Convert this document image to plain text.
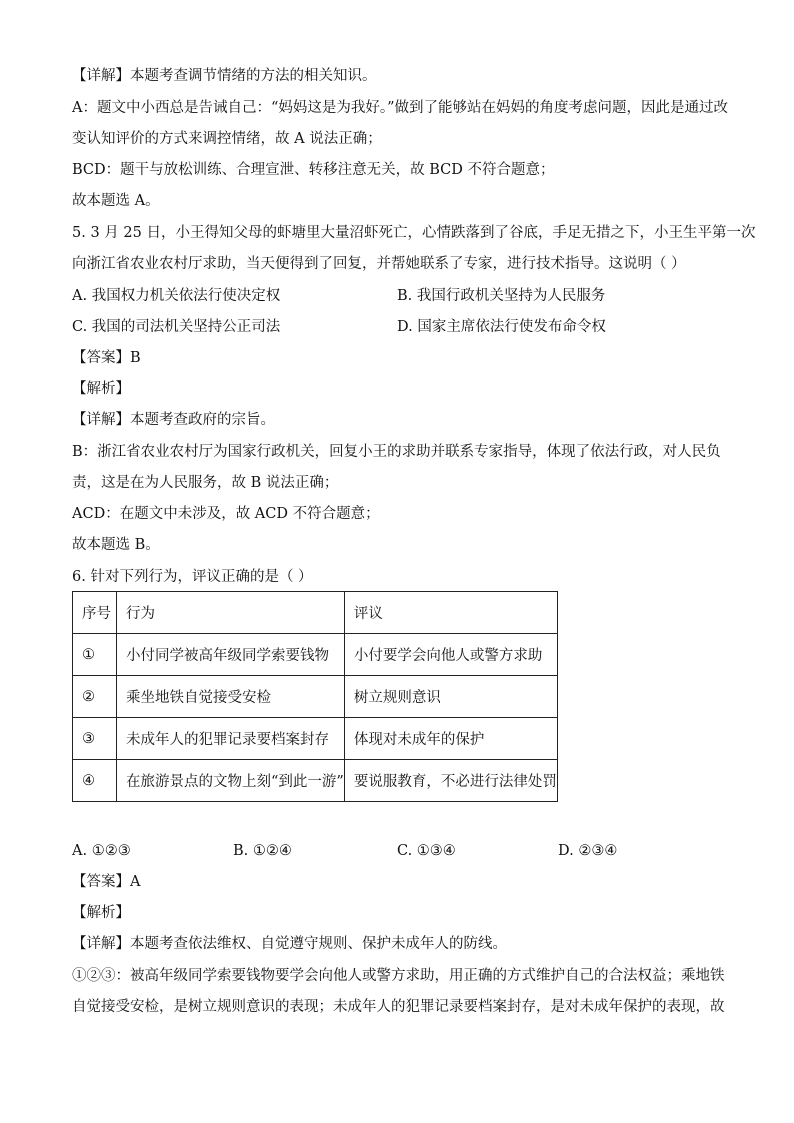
【详解】本题考查调节情绪的方法的相关知识。
A：题文中小西总是告诫自己：“妈妈这是为我好。”做到了能够站在妈妈的角度考虑问题，因此是通过改
变认知评价的方式来调控情绪，故 A 说法正确；
BCD：题干与放松训练、合理宣泄、转移注意无关，故 BCD 不符合题意；
故本题选 A。
5. 3 月 25 日，小王得知父母的虾塘里大量沼虾死亡，心情跌落到了谷底，手足无措之下，小王生平第一次
向浙江省农业农村厅求助，当天便得到了回复，并帮她联系了专家，进行技术指导。这说明（ ）
A. 我国权力机关依法行使决定权	B. 我国行政机关坚持为人民服务
C. 我国的司法机关坚持公正司法	D. 国家主席依法行使发布命令权
【答案】B
【解析】
【详解】本题考查政府的宗旨。
B：浙江省农业农村厅为国家行政机关，回复小王的求助并联系专家指导，体现了依法行政，对人民负
责，这是在为人民服务，故 B 说法正确；
ACD：在题文中未涉及，故 ACD 不符合题意；
故本题选 B。
6. 针对下列行为，评议正确的是（ ）
序号	行为	评议
①	小付同学被高年级同学索要钱物	小付要学会向他人或警方求助
②	乘坐地铁自觉接受安检	树立规则意识
③	未成年人的犯罪记录要档案封存	体现对未成年的保护
④	在旅游景点的文物上刻“到此一游”	要说服教育，不必进行法律处罚
A. ①②③	B. ①②④	C. ①③④	D. ②③④
【答案】A
【解析】
【详解】本题考查依法维权、自觉遵守规则、保护未成年人的防线。
①②③：被高年级同学索要钱物要学会向他人或警方求助，用正确的方式维护自己的合法权益；乘地铁
自觉接受安检，是树立规则意识的表现；未成年人的犯罪记录要档案封存，是对未成年保护的表现，故
